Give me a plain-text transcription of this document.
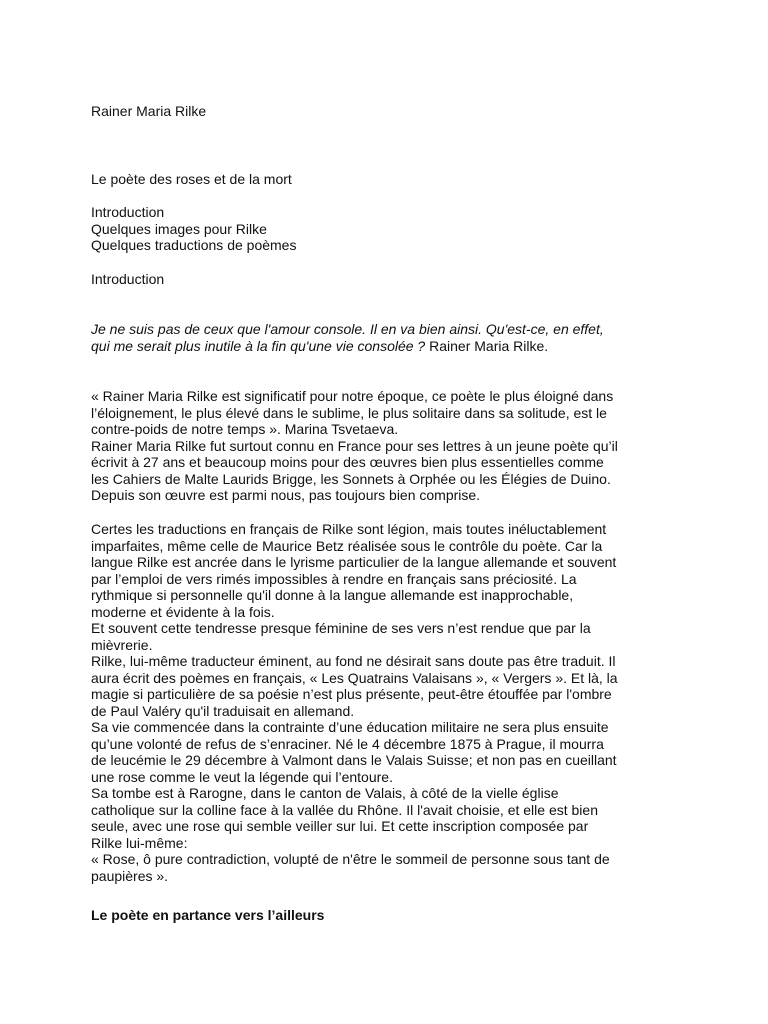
Rainer Maria Rilke

Le poète des roses et de la mort

Introduction

Quelques images pour Rilke

Quelques traductions de poèmes

Introduction

Je ne suis pas de ceux que l'amour console. Il en va bien ainsi. Qu'est-ce, en effet,

qui me serait plus inutile à la fin qu'une vie consolée ? Rainer Maria Rilke.

« Rainer Maria Rilke est significatif pour notre époque, ce poète le plus éloigné dans

l’éloignement, le plus élevé dans le sublime, le plus solitaire dans sa solitude, est le

contre-poids de notre temps ». Marina Tsvetaeva.

Rainer Maria Rilke fut surtout connu en France pour ses lettres à un jeune poète qu’il

écrivit à 27 ans et beaucoup moins pour des œuvres bien plus essentielles comme

les Cahiers de Malte Laurids Brigge, les Sonnets à Orphée ou les Élégies de Duino.

Depuis son œuvre est parmi nous, pas toujours bien comprise.

Certes les traductions en français de Rilke sont légion, mais toutes inéluctablement

imparfaites, même celle de Maurice Betz réalisée sous le contrôle du poète. Car la

langue Rilke est ancrée dans le lyrisme particulier de la langue allemande et souvent

par l’emploi de vers rimés impossibles à rendre en français sans préciosité. La

rythmique si personnelle qu'il donne à la langue allemande est inapprochable,

moderne et évidente à la fois.

Et souvent cette tendresse presque féminine de ses vers n’est rendue que par la

mièvrerie.

Rilke, lui-même traducteur éminent, au fond ne désirait sans doute pas être traduit. Il

aura écrit des poèmes en français, « Les Quatrains Valaisans », « Vergers ». Et là, la

magie si particulière de sa poésie n’est plus présente, peut-être étouffée par l'ombre

de Paul Valéry qu'il traduisait en allemand.

Sa vie commencée dans la contrainte d’une éducation militaire ne sera plus ensuite

qu’une volonté de refus de s’enraciner. Né le 4 décembre 1875 à Prague, il mourra

de leucémie le 29 décembre à Valmont dans le Valais Suisse; et non pas en cueillant

une rose comme le veut la légende qui l’entoure.

Sa tombe est à Rarogne, dans le canton de Valais, à côté de la vielle église

catholique sur la colline face à la vallée du Rhône. Il l'avait choisie, et elle est bien

seule, avec une rose qui semble veiller sur lui. Et cette inscription composée par

Rilke lui-même:

« Rose, ô pure contradiction, volupté de n'être le sommeil de personne sous tant de

paupières ».

Le poète en partance vers l’ailleurs
